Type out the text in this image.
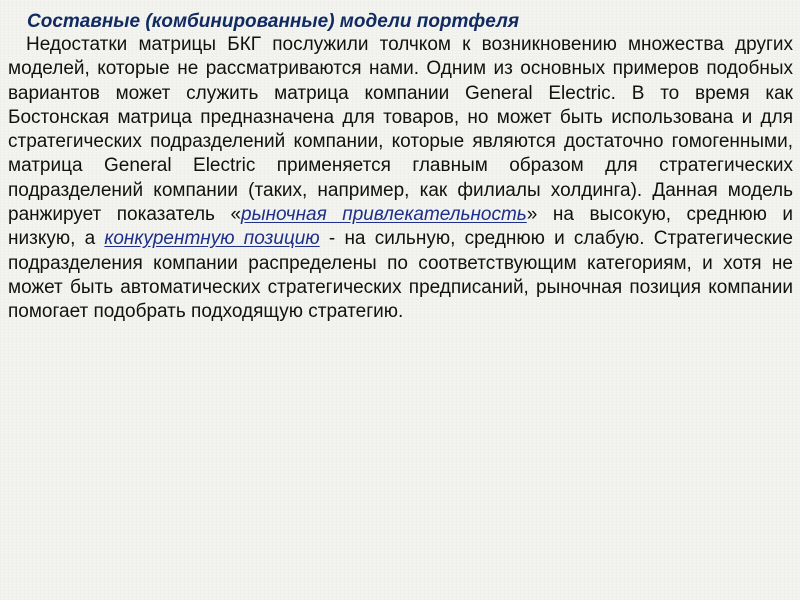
Составные (комбинированные) модели портфеля

Недостатки матрицы БКГ послужили толчком к возникновению множества других моделей, которые не рассматриваются нами. Одним из основных примеров подобных вариантов может служить матрица компании General Electric. В то время как Бостонская матрица предназначена для товаров, но может быть использована и для стратегических подразделений компании, которые являются достаточно гомогенными, матрица General Electric применяется главным образом для стратегических подразделений компании (таких, например, как филиалы холдинга). Данная модель ранжирует показатель «рыночная привлекательность» на высокую, среднюю и низкую, а конкурентную позицию - на сильную, среднюю и слабую. Стратегические подразделения компании распределены по соответствующим категориям, и хотя не может быть автоматических стратегических предписаний, рыночная позиция компании помогает подобрать подходящую стратегию.
